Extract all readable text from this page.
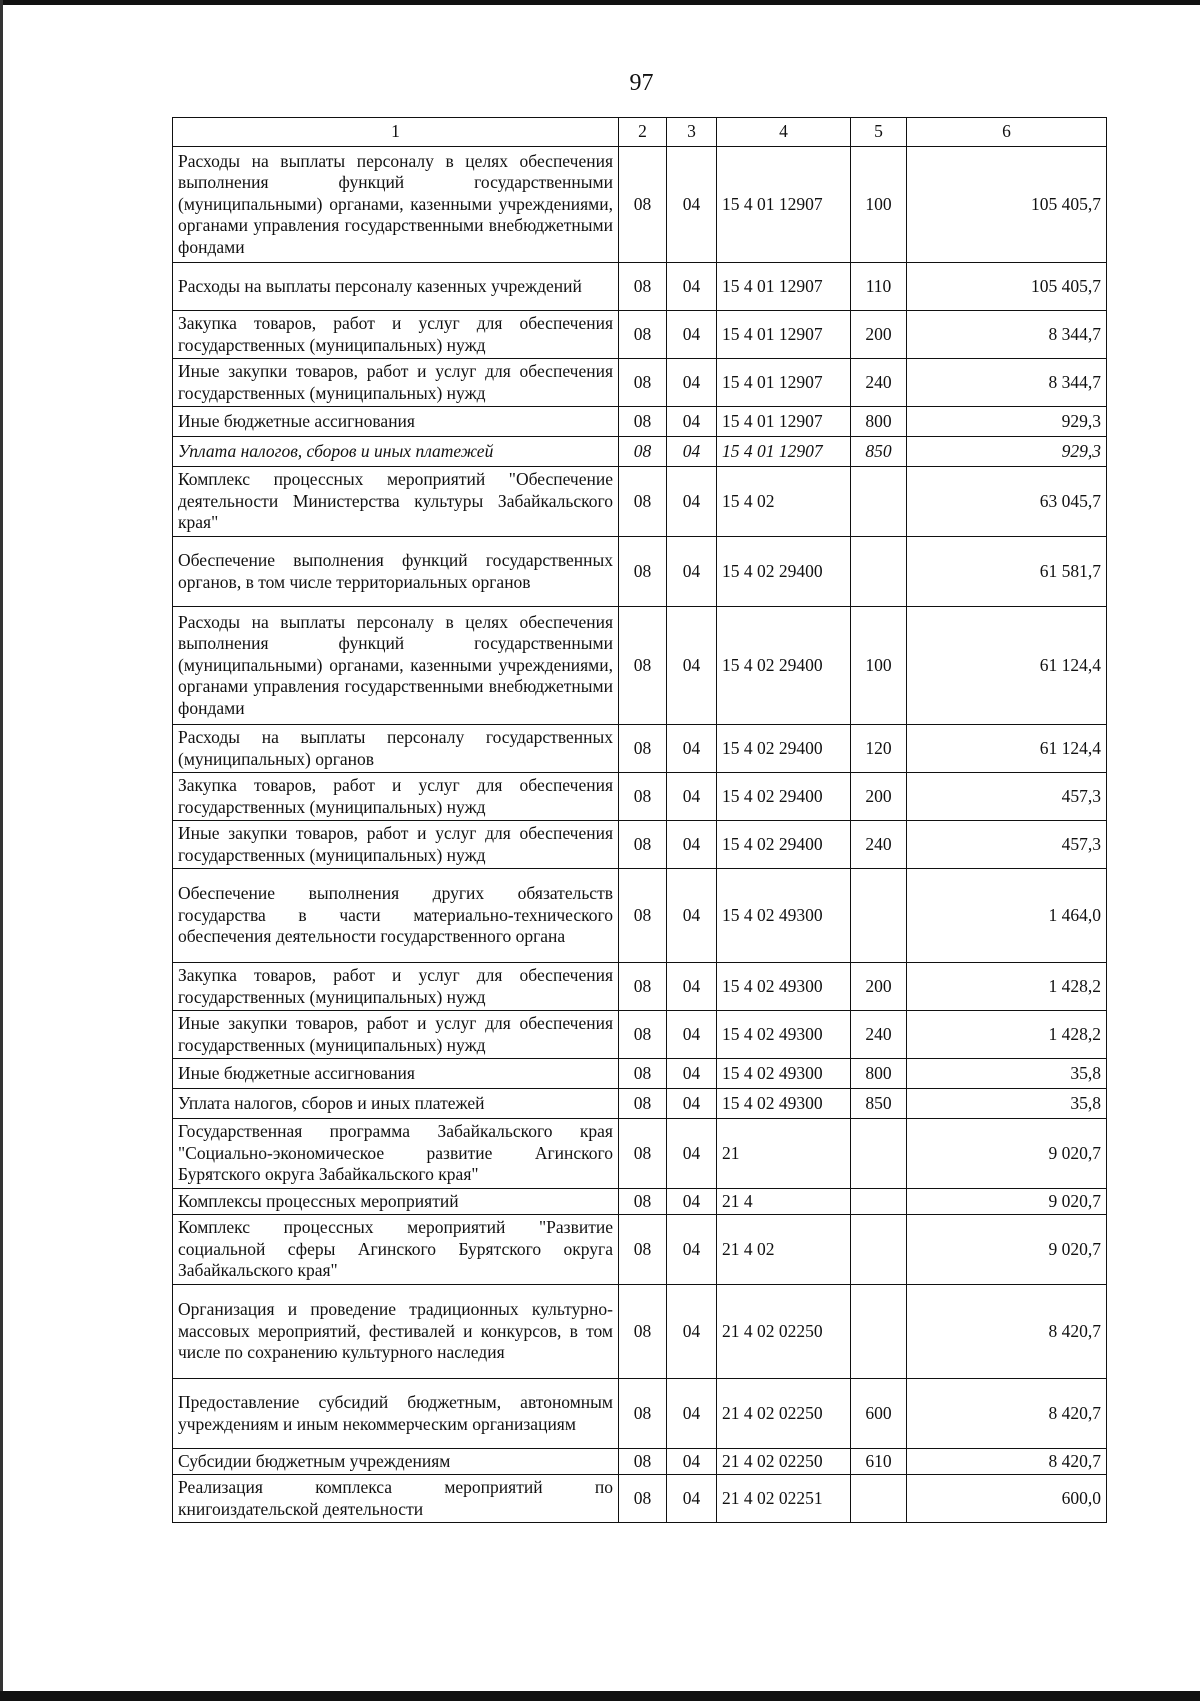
97
1	2	3	4	5	6
Расходы на выплаты персоналу в целях обеспечения выполнения функций государственными (муниципальными) органами, казенными учреждениями, органами управления государственными внебюджетными фондами	08	04	15 4 01 12907	100	105 405,7
Расходы на выплаты персоналу казенных учреждений	08	04	15 4 01 12907	110	105 405,7
Закупка товаров, работ и услуг для обеспечения государственных (муниципальных) нужд	08	04	15 4 01 12907	200	8 344,7
Иные закупки товаров, работ и услуг для обеспечения государственных (муниципальных) нужд	08	04	15 4 01 12907	240	8 344,7
Иные бюджетные ассигнования	08	04	15 4 01 12907	800	929,3
Уплата налогов, сборов и иных платежей	08	04	15 4 01 12907	850	929,3
Комплекс процессных мероприятий "Обеспечение деятельности Министерства культуры Забайкальского края"	08	04	15 4 02		63 045,7
Обеспечение выполнения функций государственных органов, в том числе территориальных органов	08	04	15 4 02 29400		61 581,7
Расходы на выплаты персоналу в целях обеспечения выполнения функций государственными (муниципальными) органами, казенными учреждениями, органами управления государственными внебюджетными фондами	08	04	15 4 02 29400	100	61 124,4
Расходы на выплаты персоналу государственных (муниципальных) органов	08	04	15 4 02 29400	120	61 124,4
Закупка товаров, работ и услуг для обеспечения государственных (муниципальных) нужд	08	04	15 4 02 29400	200	457,3
Иные закупки товаров, работ и услуг для обеспечения государственных (муниципальных) нужд	08	04	15 4 02 29400	240	457,3
Обеспечение выполнения других обязательств государства в части материально-технического обеспечения деятельности государственного органа	08	04	15 4 02 49300		1 464,0
Закупка товаров, работ и услуг для обеспечения государственных (муниципальных) нужд	08	04	15 4 02 49300	200	1 428,2
Иные закупки товаров, работ и услуг для обеспечения государственных (муниципальных) нужд	08	04	15 4 02 49300	240	1 428,2
Иные бюджетные ассигнования	08	04	15 4 02 49300	800	35,8
Уплата налогов, сборов и иных платежей	08	04	15 4 02 49300	850	35,8
Государственная программа Забайкальского края "Социально-экономическое развитие Агинского Бурятского округа Забайкальского края"	08	04	21		9 020,7
Комплексы процессных мероприятий	08	04	21 4		9 020,7
Комплекс процессных мероприятий "Развитие социальной сферы Агинского Бурятского округа Забайкальского края"	08	04	21 4 02		9 020,7
Организация и проведение традиционных культурно-массовых мероприятий, фестивалей и конкурсов, в том числе по сохранению культурного наследия	08	04	21 4 02 02250		8 420,7
Предоставление субсидий бюджетным, автономным учреждениям и иным некоммерческим организациям	08	04	21 4 02 02250	600	8 420,7
Субсидии бюджетным учреждениям	08	04	21 4 02 02250	610	8 420,7
Реализация комплекса мероприятий по книгоиздательской деятельности	08	04	21 4 02 02251		600,0
